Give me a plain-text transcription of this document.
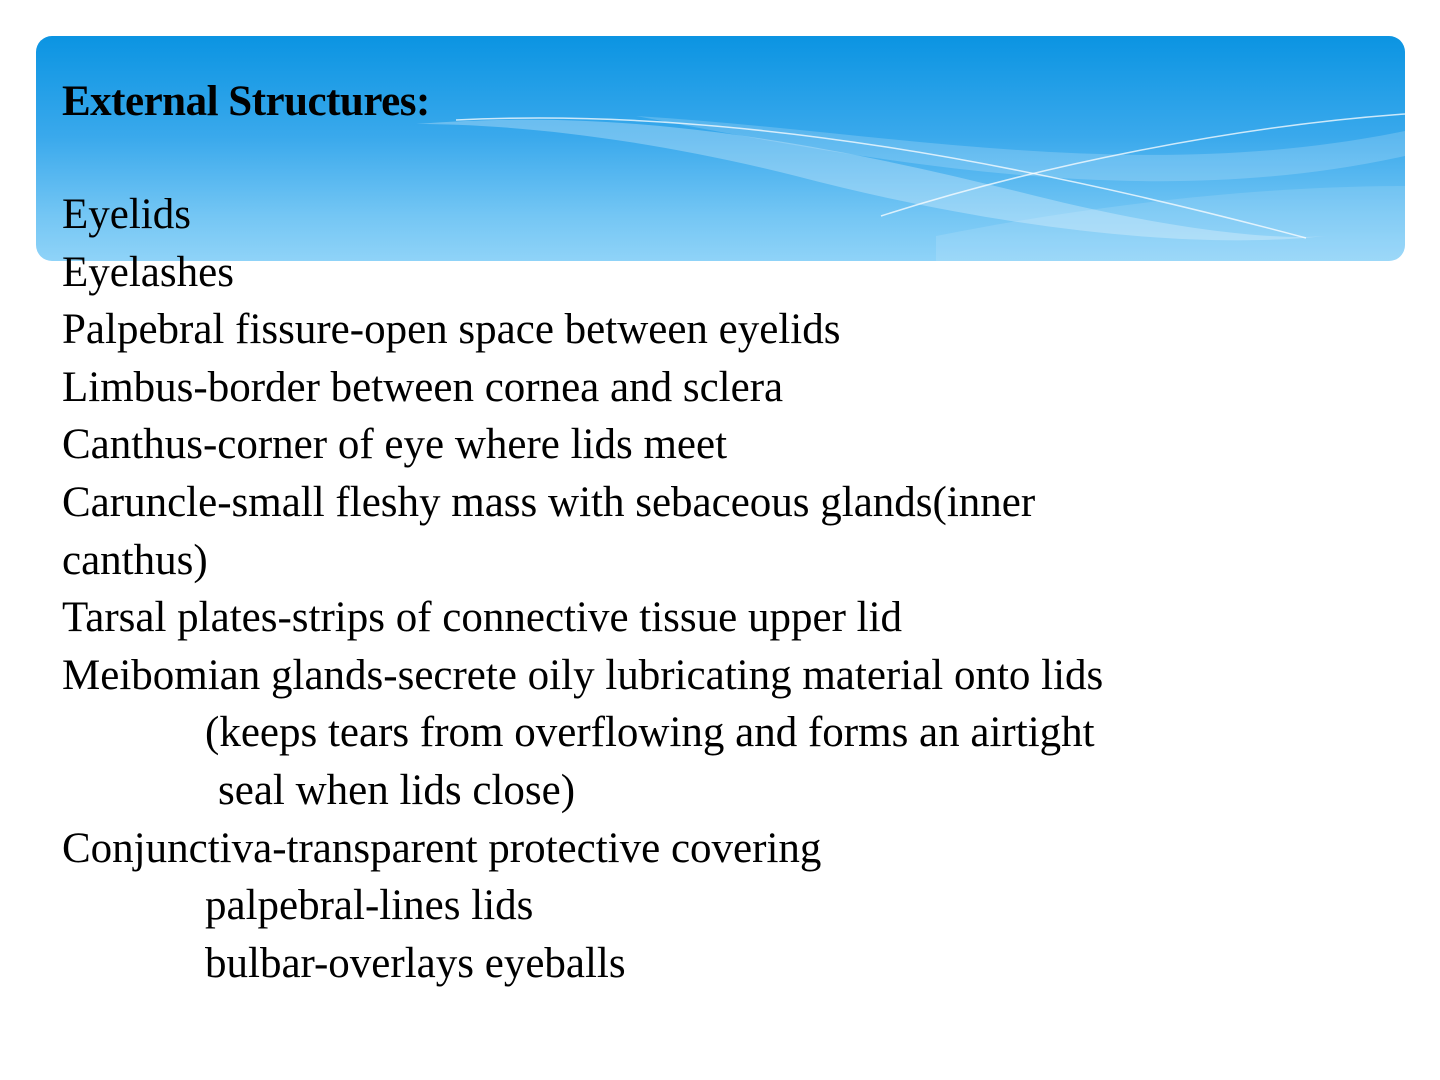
External Structures:
Eyelids
Eyelashes
Palpebral fissure-open space between eyelids
Limbus-border between cornea and sclera
Canthus-corner of eye where lids meet
Caruncle-small fleshy mass with sebaceous glands(inner
canthus)
Tarsal plates-strips of connective tissue upper lid
Meibomian glands-secrete oily lubricating material onto lids
(keeps tears from overflowing and forms an airtight
seal when lids close)
Conjunctiva-transparent protective covering
palpebral-lines lids
bulbar-overlays eyeballs
